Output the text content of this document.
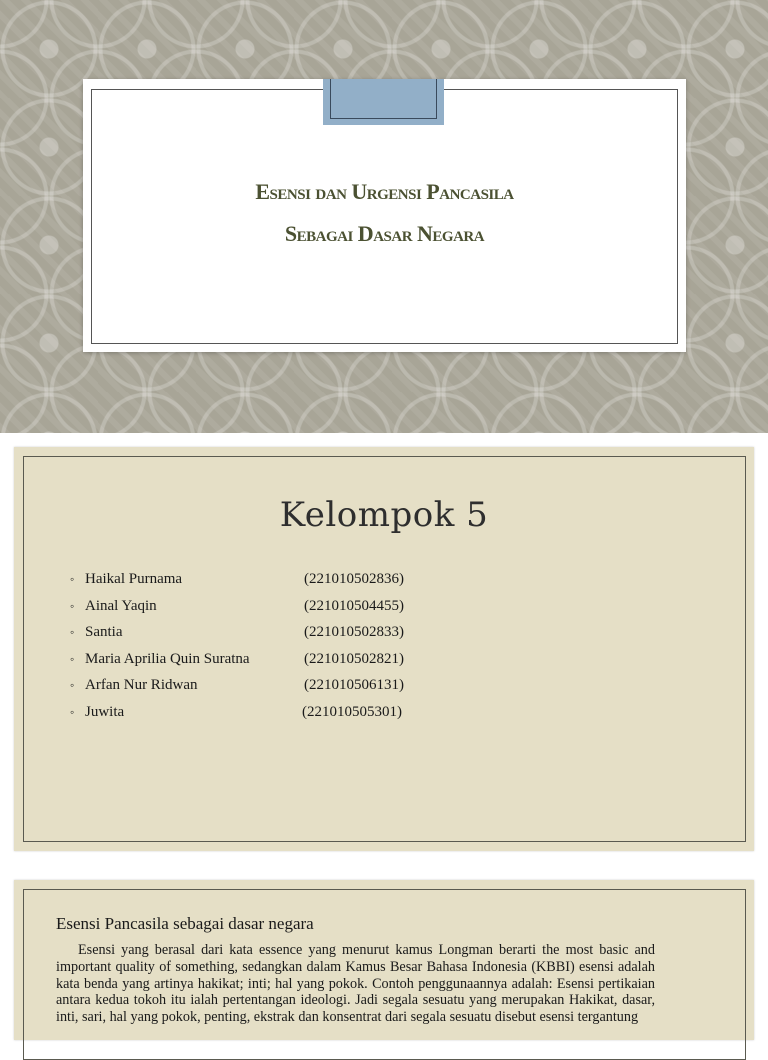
Esensi dan Urgensi Pancasila
Sebagai Dasar Negara
Kelompok 5
◦ Haikal Purnama	(221010502836)
◦ Ainal Yaqin	(221010504455)
◦ Santia	(221010502833)
◦ Maria Aprilia Quin Suratna	(221010502821)
◦ Arfan Nur Ridwan	(221010506131)
◦ Juwita	(221010505301)
Esensi Pancasila sebagai dasar negara
Esensi yang berasal dari kata essence yang menurut kamus Longman berarti the most basic and important quality of something, sedangkan dalam Kamus Besar Bahasa Indonesia (KBBI) esensi adalah kata benda yang artinya hakikat; inti; hal yang pokok. Contoh penggunaannya adalah: Esensi pertikaian antara kedua tokoh itu ialah pertentangan ideologi. Jadi segala sesuatu yang merupakan Hakikat, dasar, inti, sari, hal yang pokok, penting, ekstrak dan konsentrat dari segala sesuatu disebut esensi tergantung
